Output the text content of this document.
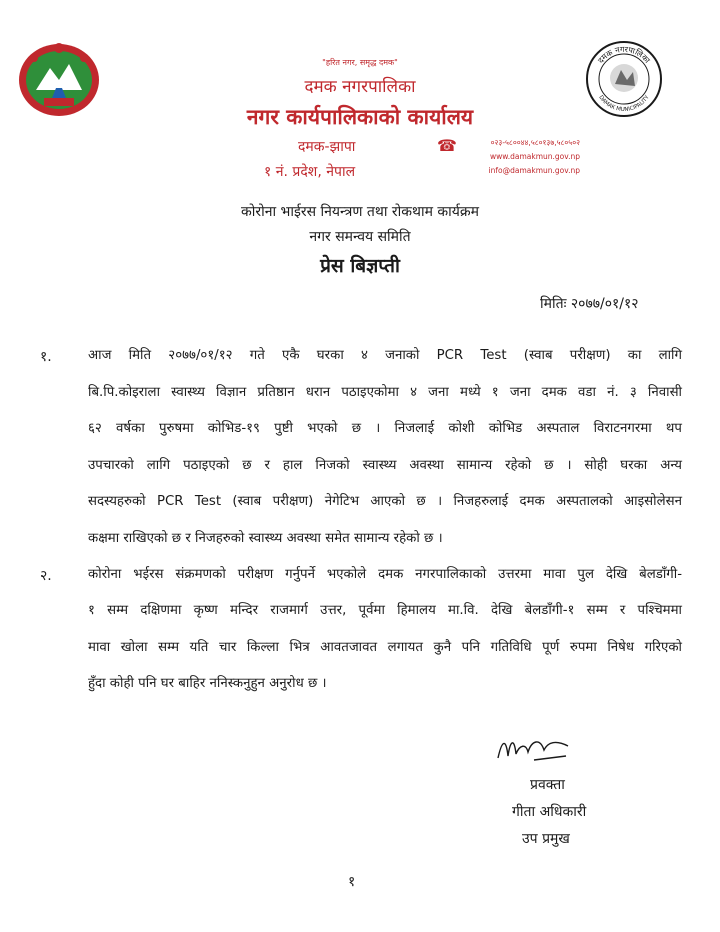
"हरित नगर, समृद्ध दमक"
दमक नगरपालिका
नगर कार्यपालिकाको कार्यालय
दमक-झापा
१ नं. प्रदेश, नेपाल
☎	०२३-५८००४४,५८०१३७,५८०५०२
www.damakmun.gov.np
info@damakmun.gov.np
दमक नगरपालिका
DAMAK MUNICIPALITY
कोरोना भाईरस नियन्त्रण तथा रोकथाम कार्यक्रम
नगर समन्वय समिति
प्रेस बिज्ञप्ती
मितिः २०७७/०१/१२
१.	आज मिति २०७७/०१/१२ गते एकै घरका ४ जनाको PCR Test (स्वाब परीक्षण) का लागि
बि.पि.कोइराला स्वास्थ्य विज्ञान प्रतिष्ठान धरान पठाइएकोमा ४ जना मध्ये १ जना दमक वडा नं. ३ निवासी
६२ वर्षका पुरुषमा कोभिड-१९ पुष्टी भएको छ । निजलाई कोशी कोभिड अस्पताल विराटनगरमा थप
उपचारको लागि पठाइएको छ र हाल निजको स्वास्थ्य अवस्था सामान्य रहेको छ । सोही घरका अन्य
सदस्यहरुको PCR Test (स्वाब परीक्षण) नेगेटिभ आएको छ । निजहरुलाई दमक अस्पतालको आइसोलेसन
कक्षमा राखिएको छ र निजहरुको स्वास्थ्य अवस्था समेत सामान्य रहेको छ ।
२.	कोरोना भईरस संक्रमणको परीक्षण गर्नुपर्ने भएकोले दमक नगरपालिकाको उत्तरमा मावा पुल देखि बेलडाँगी-
१ सम्म दक्षिणमा कृष्ण मन्दिर राजमार्ग उत्तर, पूर्वमा हिमालय मा.वि. देखि बेलडाँगी-१ सम्म र पश्चिममा
मावा खोला सम्म यति चार किल्ला भित्र आवतजावत लगायत कुनै पनि गतिविधि पूर्ण रुपमा निषेध गरिएको
हुँदा कोही पनि घर बाहिर ननिस्कनुहुन अनुरोध छ ।
प्रवक्ता
गीता अधिकारी
उप प्रमुख
१
